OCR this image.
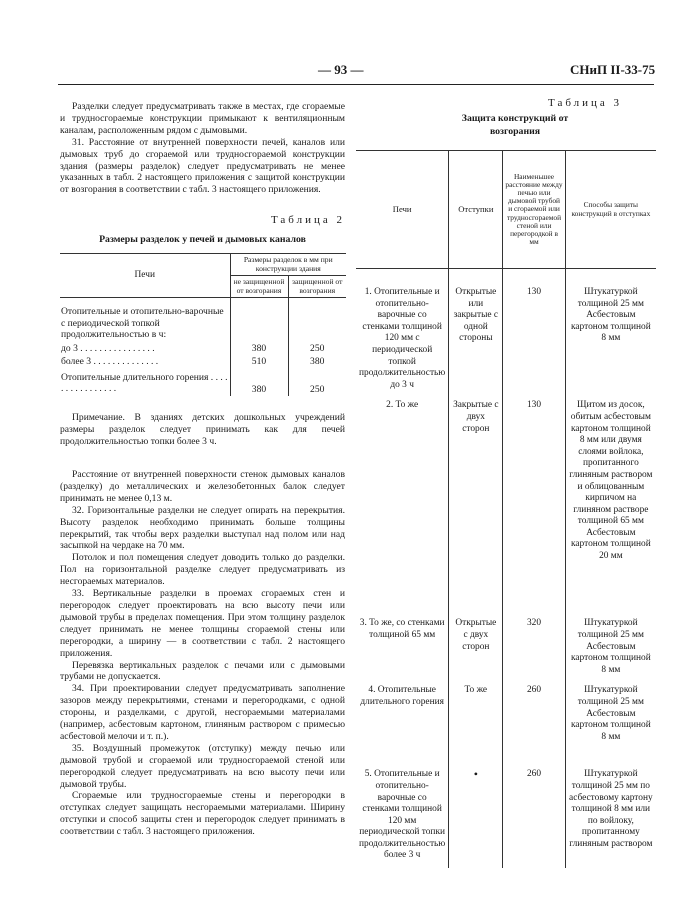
— 93 —	СНиП II-33-75

Разделки следует предусматривать также в местах, где сгораемые и трудносгораемые конструкции примыкают к вентиляционным каналам, расположенным рядом с дымовыми.

31. Расстояние от внутренней поверхности печей, каналов или дымовых труб до сгораемой или трудносгораемой конструкции здания (размеры разделок) следует предусматривать не менее указанных в табл. 2 настоящего приложения с защитой конструкции от возгорания в соответствии с табл. 3 настоящего приложения.

Таблица 2
Размеры разделок у печей и дымовых каналов
Печи	Размеры разделок в мм при конструкции здания	
	не защищенной от возгорания	защищенной от возгорания
Отопительные и отопительно-варочные с периодической топкой продолжительностью в ч:		
до 3 . . . . . . . . . . . . . . . .	380	250
более 3 . . . . . . . . . . . . . .	510	380
Отопительные длительного горения . . . . . . . . . . . . . . . .	380	250

Примечание. В зданиях детских дошкольных учреждений размеры разделок следует принимать как для печей продолжительностью топки более 3 ч.

Расстояние от внутренней поверхности стенок дымовых каналов (разделку) до металлических и железобетонных балок следует принимать не менее 0,13 м.

32. Горизонтальные разделки не следует опирать на перекрытия. Высоту разделок необходимо принимать больше толщины перекрытий, так чтобы верх разделки выступал над полом или над засыпкой на чердаке на 70 мм.

Потолок и пол помещения следует доводить только до разделки. Пол на горизонтальной разделке следует предусматривать из несгораемых материалов.

33. Вертикальные разделки в проемах сгораемых стен и перегородок следует проектировать на всю высоту печи или дымовой трубы в пределах помещения. При этом толщину разделок следует принимать не менее толщины сгораемой стены или перегородки, а ширину — в соответствии с табл. 2 настоящего приложения.

Перевязка вертикальных разделок с печами или с дымовыми трубами не допускается.

34. При проектировании следует предусматривать заполнение зазоров между перекрытиями, стенами и перегородками, с одной стороны, и разделками, с другой, несгораемыми материалами (например, асбестовым картоном, глиняным раствором с примесью асбестовой мелочи и т. п.).

35. Воздушный промежуток (отступку) между печью или дымовой трубой и сгораемой или трудносгораемой стеной или перегородкой следует предусматривать на всю высоту печи или дымовой трубы.

Сгораемые или трудносгораемые стены и перегородки в отступках следует защищать несгораемыми материалами. Ширину отступки и способ защиты стен и перегородок следует принимать в соответствии с табл. 3 настоящего приложения.

Таблица 3
Защита конструкций от возгорания
Печи	Отступки	Наименьшее расстояние между печью или дымовой трубой и сгораемой или трудносгораемой стеной или перегородкой в мм	Способы защиты конструкций в отступках
1. Отопительные и отопительно-варочные со стенками толщиной 120 мм с периодической топкой продолжительностью до 3 ч	Открытые или закрытые с одной стороны	130	Штукатуркой толщиной 25 мм Асбестовым картоном толщиной 8 мм
2. То же	Закрытые с двух сторон	130	Щитом из досок, обитым асбестовым картоном толщиной 8 мм или двумя слоями войлока, пропитанного глиняным раствором и облицованным кирпичом на глиняном растворе толщиной 65 мм Асбестовым картоном толщиной 20 мм
3. То же, со стенками толщиной 65 мм	Открытые с двух сторон	320	Штукатуркой толщиной 25 мм Асбестовым картоном толщиной 8 мм
4. Отопительные длительного горения	То же	260	Штукатуркой толщиной 25 мм Асбестовым картоном толщиной 8 мм
5. Отопительные и отопительно-варочные со стенками толщиной 120 мм периодической топки продолжительностью более 3 ч	•	260	Штукатуркой толщиной 25 мм по асбестовому картону толщиной 8 мм или по войлоку, пропитанному глиняным раствором
